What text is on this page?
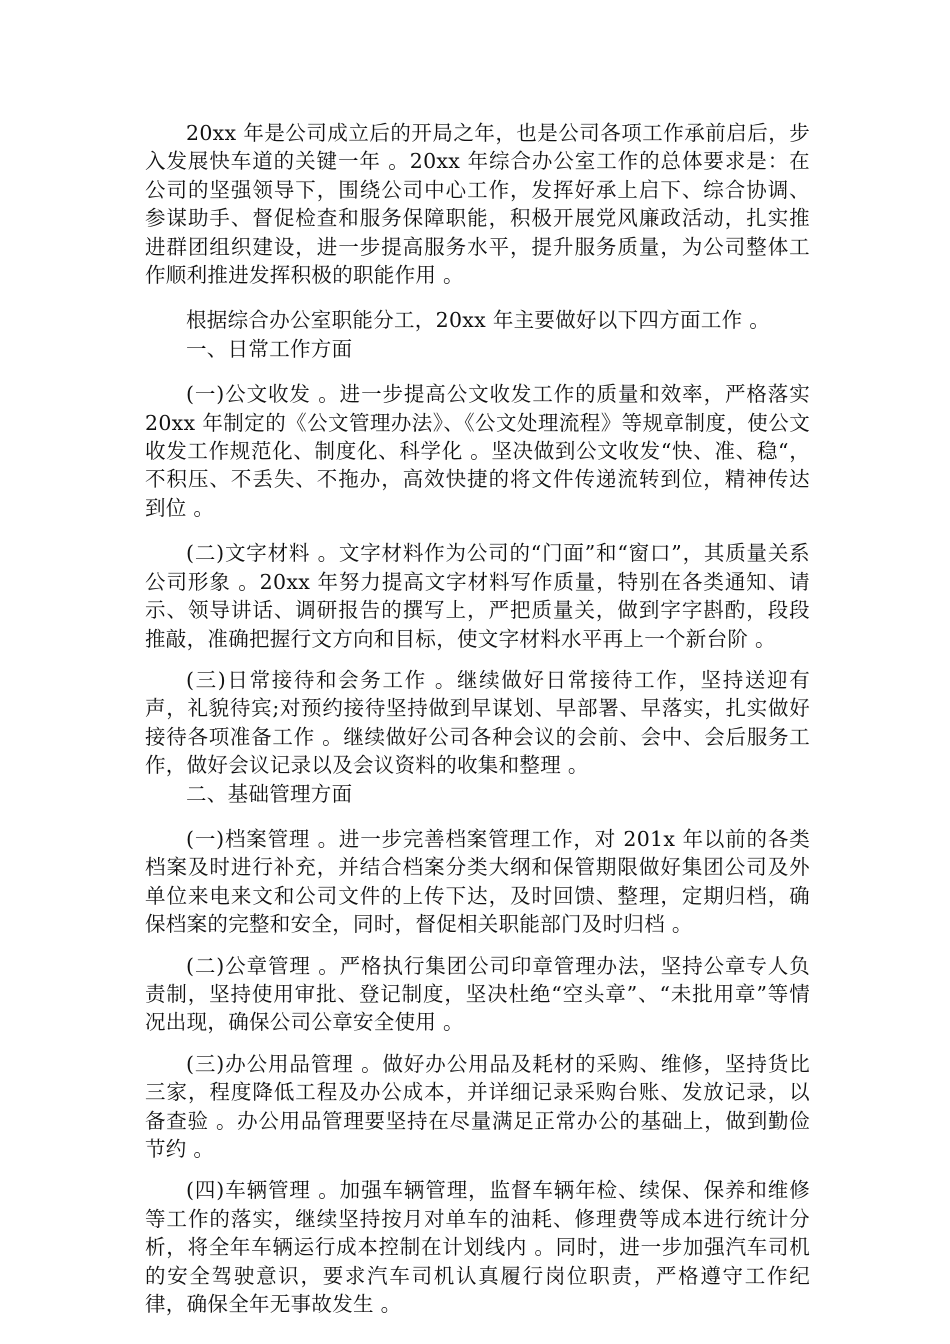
20xx 年是公司成立后的开局之年，也是公司各项工作承前启后，步入发展快车道的关键一年 。20xx 年综合办公室工作的总体要求是：在公司的坚强领导下，围绕公司中心工作，发挥好承上启下、综合协调、参谋助手、督促检查和服务保障职能，积极开展党风廉政活动，扎实推进群团组织建设，进一步提高服务水平，提升服务质量，为公司整体工作顺利推进发挥积极的职能作用 。

根据综合办公室职能分工，20xx 年主要做好以下四方面工作 。

一、日常工作方面

(一)公文收发 。进一步提高公文收发工作的质量和效率，严格落实 20xx 年制定的《公文管理办法》、《公文处理流程》等规章制度，使公文收发工作规范化、制度化、科学化 。坚决做到公文收发“快、准、稳“，不积压、不丢失、不拖办，高效快捷的将文件传递流转到位，精神传达到位 。

(二)文字材料 。文字材料作为公司的“门面”和“窗口”，其质量关系公司形象 。20xx 年努力提高文字材料写作质量，特别在各类通知、请示、领导讲话、调研报告的撰写上，严把质量关，做到字字斟酌，段段推敲，准确把握行文方向和目标，使文字材料水平再上一个新台阶 。

(三)日常接待和会务工作 。继续做好日常接待工作，坚持送迎有声，礼貌待宾;对预约接待坚持做到早谋划、早部署、早落实，扎实做好接待各项准备工作 。继续做好公司各种会议的会前、会中、会后服务工作，做好会议记录以及会议资料的收集和整理 。

二、基础管理方面

(一)档案管理 。进一步完善档案管理工作，对 201x 年以前的各类档案及时进行补充，并结合档案分类大纲和保管期限做好集团公司及外单位来电来文和公司文件的上传下达，及时回馈、整理，定期归档，确保档案的完整和安全，同时，督促相关职能部门及时归档 。

(二)公章管理 。严格执行集团公司印章管理办法，坚持公章专人负责制，坚持使用审批、登记制度，坚决杜绝“空头章”、“未批用章”等情况出现，确保公司公章安全使用 。

(三)办公用品管理 。做好办公用品及耗材的采购、维修，坚持货比三家，程度降低工程及办公成本，并详细记录采购台账、发放记录，以备查验 。办公用品管理要坚持在尽量满足正常办公的基础上，做到勤俭节约 。

(四)车辆管理 。加强车辆管理，监督车辆年检、续保、保养和维修等工作的落实，继续坚持按月对单车的油耗、修理费等成本进行统计分析，将全年车辆运行成本控制在计划线内 。同时，进一步加强汽车司机的安全驾驶意识，要求汽车司机认真履行岗位职责，严格遵守工作纪律，确保全年无事故发生 。
